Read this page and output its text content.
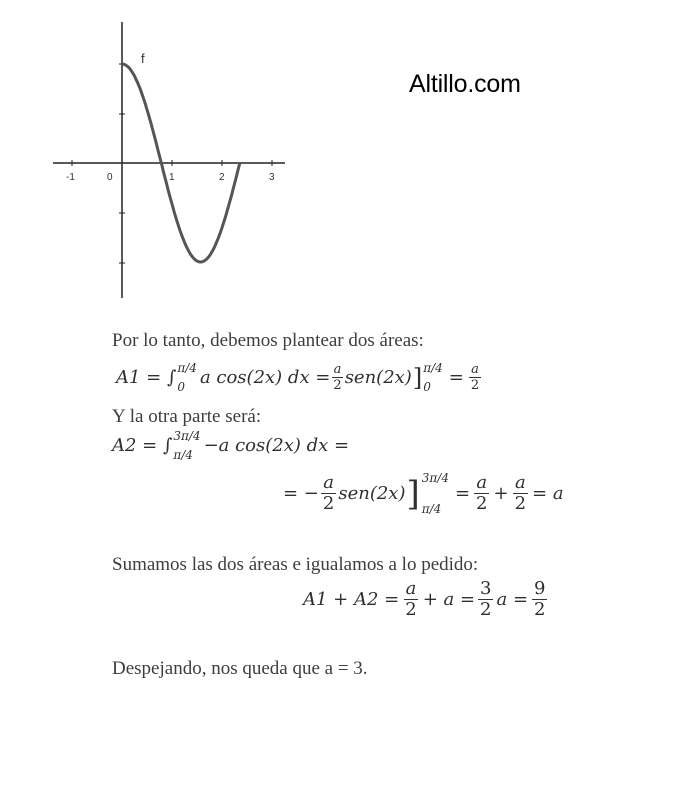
-1	0	1	2	3
f
Altillo.com
Por lo tanto, debemos plantear dos áreas:
A1 = ∫ π/4
0 a cos(2x) dx = $\frac{a}{2} sen(2x)$ ] π/4
$0 = \frac{a}{2}$
Y la otra parte será:
A2 = ∫ 3π/4
π/4 −a cos(2x) dx =
= − $\frac{a}{2} sen(2x)$ ] 3π/4
π/4
= $\frac{a}{2} + \frac{a}{2} = a$
Sumamos las dos áreas e igualamos a lo pedido:
$A1 + A2 = \frac{a}{2} + a = \frac{3}{2}$ $a = \frac{9}{2}$
Despejando, nos queda que a = 3.
